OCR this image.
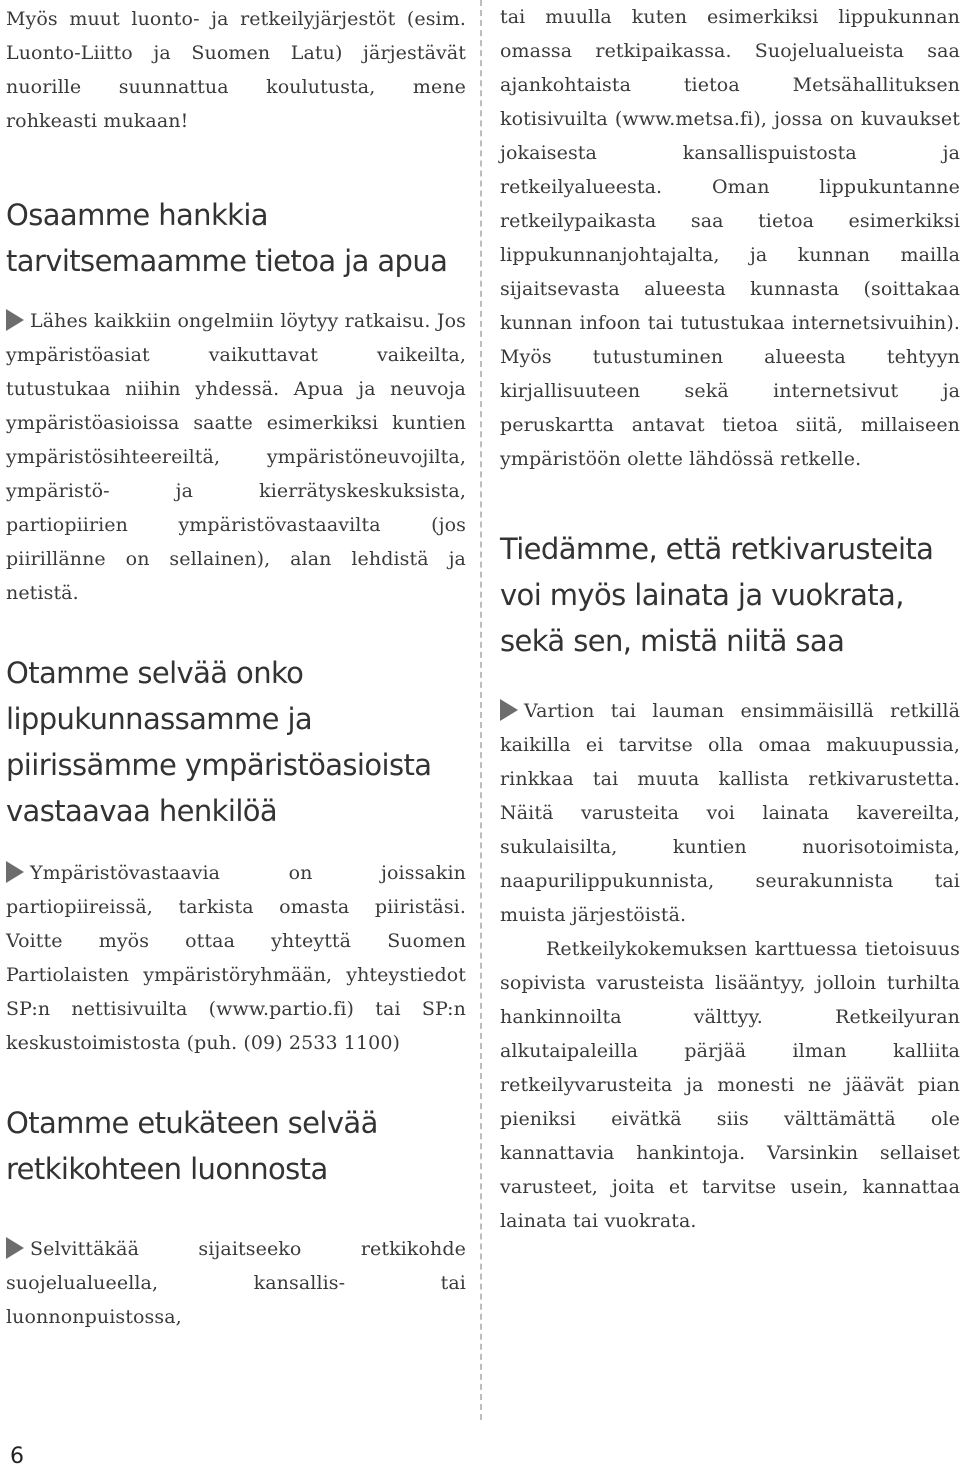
Myös muut luonto- ja retkeilyjärjestöt (esim. Luonto-Liitto ja Suomen Latu) järjestävät nuorille suunnattua koulutusta, mene rohkeasti mukaan!

Osaamme hankkia tarvitsemaamme tietoa ja apua

Lähes kaikkiin ongelmiin löytyy ratkaisu. Jos ympäristöasiat vaikuttavat vaikeilta, tutustukaa niihin yhdessä. Apua ja neuvoja ympäristöasioissa saatte esimerkiksi kuntien ympäristösihteereiltä, ympäristöneuvojilta, ympäristö- ja kierrätyskeskuksista, partiopiirien ympäristövastaavilta (jos piirillänne on sellainen), alan lehdistä ja netistä.

Otamme selvää onko lippukunnassamme ja piirissämme ympäristöasioista vastaavaa henkilöä

Ympäristövastaavia on joissakin partiopiireissä, tarkista omasta piiristäsi. Voitte myös ottaa yhteyttä Suomen Partiolaisten ympäristöryhmään, yhteystiedot SP:n nettisivuilta (www.partio.fi) tai SP:n keskustoimistosta (puh. (09) 2533 1100)

Otamme etukäteen selvää retkikohteen luonnosta

Selvittäkää sijaitseeko retkikohde suojelualueella, kansallis- tai luonnonpuistossa,

tai muulla kuten esimerkiksi lippukunnan omassa retkipaikassa. Suojelualueista saa ajankohtaista tietoa Metsähallituksen kotisivuilta (www.metsa.fi), jossa on kuvaukset jokaisesta kansallispuistosta ja retkeilyalueesta. Oman lippukuntanne retkeilypaikasta saa tietoa esimerkiksi lippukunnanjohtajalta, ja kunnan mailla sijaitsevasta alueesta kunnasta (soittakaa kunnan infoon tai tutustukaa internetsivuihin). Myös tutustuminen alueesta tehtyyn kirjallisuuteen sekä internetsivut ja peruskartta antavat tietoa siitä, millaiseen ympäristöön olette lähdössä retkelle.

Tiedämme, että retkivarusteita voi myös lainata ja vuokrata, sekä sen, mistä niitä saa

Vartion tai lauman ensimmäisillä retkillä kaikilla ei tarvitse olla omaa makuupussia, rinkkaa tai muuta kallista retkivarustetta. Näitä varusteita voi lainata kavereilta, sukulaisilta, kuntien nuorisotoimista, naapurilippukunnista, seurakunnista tai muista järjestöistä.

Retkeilykokemuksen karttuessa tietoisuus sopivista varusteista lisääntyy, jolloin turhilta hankinnoilta välttyy. Retkeilyuran alkutaipaleilla pärjää ilman kalliita retkeilyvarusteita ja monesti ne jäävät pian pieniksi eivätkä siis välttämättä ole kannattavia hankintoja. Varsinkin sellaiset varusteet, joita et tarvitse usein, kannattaa lainata tai vuokrata.

6
